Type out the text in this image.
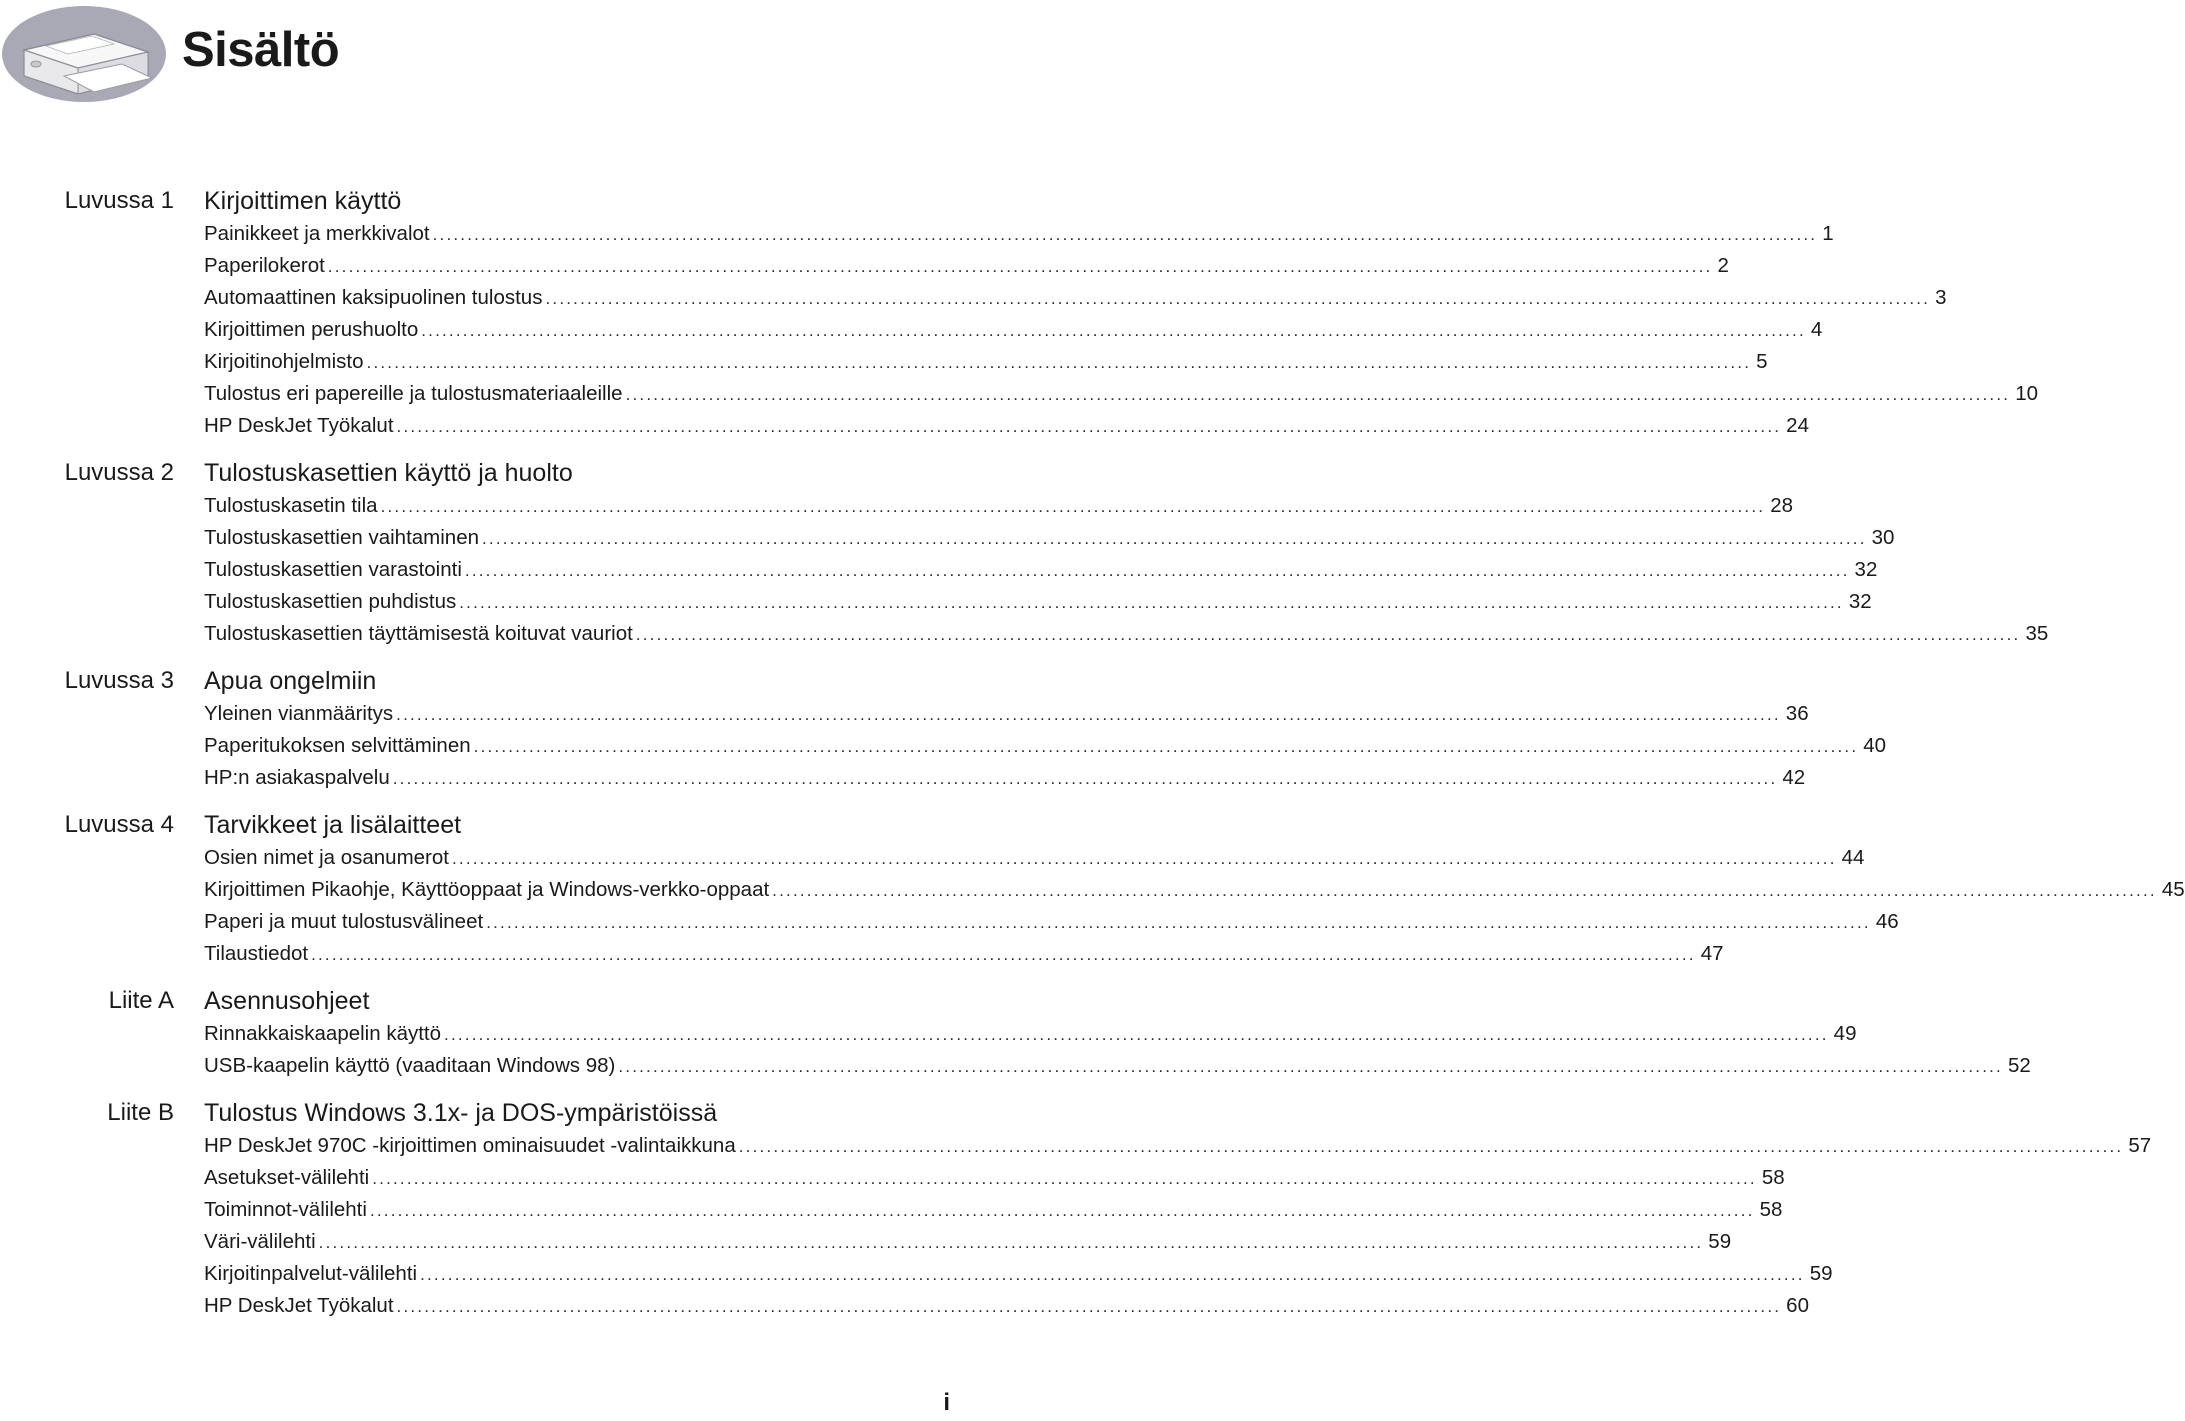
Sisältö
Luvussa 1 Kirjoittimen käyttö
Painikkeet ja merkkivalot ........................................................................................................................................................................................................ 1
Paperilokerot ........................................................................................................................................................................................................ 2
Automaattinen kaksipuolinen tulostus ........................................................................................................................................................................................................ 3
Kirjoittimen perushuolto ........................................................................................................................................................................................................ 4
Kirjoitinohjelmisto ........................................................................................................................................................................................................ 5
Tulostus eri papereille ja tulostusmateriaaleille ........................................................................................................................................................................................................ 10
HP DeskJet Työkalut ........................................................................................................................................................................................................ 24
Luvussa 2 Tulostuskasettien käyttö ja huolto
Tulostuskasetin tila ........................................................................................................................................................................................................ 28
Tulostuskasettien vaihtaminen ........................................................................................................................................................................................................ 30
Tulostuskasettien varastointi ........................................................................................................................................................................................................ 32
Tulostuskasettien puhdistus ........................................................................................................................................................................................................ 32
Tulostuskasettien täyttämisestä koituvat vauriot ........................................................................................................................................................................................................ 35
Luvussa 3 Apua ongelmiin
Yleinen vianmääritys ........................................................................................................................................................................................................ 36
Paperitukoksen selvittäminen ........................................................................................................................................................................................................ 40
HP:n asiakaspalvelu ........................................................................................................................................................................................................ 42
Luvussa 4 Tarvikkeet ja lisälaitteet
Osien nimet ja osanumerot ........................................................................................................................................................................................................ 44
Kirjoittimen Pikaohje, Käyttöoppaat ja Windows-verkko-oppaat ........................................................................................................................................................................................................ 45
Paperi ja muut tulostusvälineet ........................................................................................................................................................................................................ 46
Tilaustiedot ........................................................................................................................................................................................................ 47
Liite A Asennusohjeet
Rinnakkaiskaapelin käyttö ........................................................................................................................................................................................................ 49
USB-kaapelin käyttö (vaaditaan Windows 98) ........................................................................................................................................................................................................ 52
Liite B Tulostus Windows 3.1x- ja DOS-ympäristöissä
HP DeskJet 970C -kirjoittimen ominaisuudet -valintaikkuna ........................................................................................................................................................................................................ 57
Asetukset-välilehti ........................................................................................................................................................................................................ 58
Toiminnot-välilehti ........................................................................................................................................................................................................ 58
Väri-välilehti ........................................................................................................................................................................................................ 59
Kirjoitinpalvelut-välilehti ........................................................................................................................................................................................................ 59
HP DeskJet Työkalut ........................................................................................................................................................................................................ 60
i
